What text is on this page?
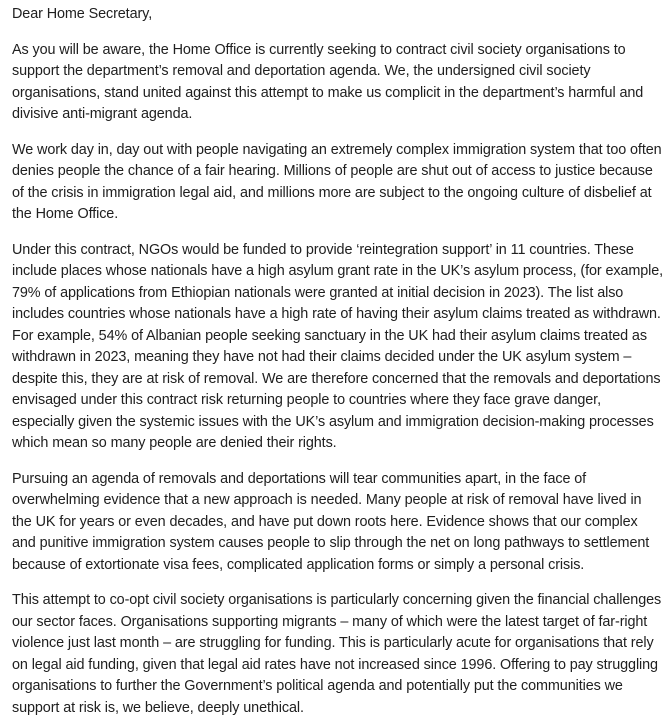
Dear Home Secretary,

As you will be aware, the Home Office is currently seeking to contract civil society organisations to support the department’s removal and deportation agenda. We, the undersigned civil society organisations, stand united against this attempt to make us complicit in the department’s harmful and divisive anti-migrant agenda.

We work day in, day out with people navigating an extremely complex immigration system that too often denies people the chance of a fair hearing. Millions of people are shut out of access to justice because of the crisis in immigration legal aid, and millions more are subject to the ongoing culture of disbelief at the Home Office.

Under this contract, NGOs would be funded to provide ‘reintegration support’ in 11 countries. These include places whose nationals have a high asylum grant rate in the UK’s asylum process, (for example, 79% of applications from Ethiopian nationals were granted at initial decision in 2023). The list also includes countries whose nationals have a high rate of having their asylum claims treated as withdrawn. For example, 54% of Albanian people seeking sanctuary in the UK had their asylum claims treated as withdrawn in 2023, meaning they have not had their claims decided under the UK asylum system – despite this, they are at risk of removal. We are therefore concerned that the removals and deportations envisaged under this contract risk returning people to countries where they face grave danger, especially given the systemic issues with the UK’s asylum and immigration decision-making processes which mean so many people are denied their rights.

Pursuing an agenda of removals and deportations will tear communities apart, in the face of overwhelming evidence that a new approach is needed. Many people at risk of removal have lived in the UK for years or even decades, and have put down roots here. Evidence shows that our complex and punitive immigration system causes people to slip through the net on long pathways to settlement because of extortionate visa fees, complicated application forms or simply a personal crisis.

This attempt to co-opt civil society organisations is particularly concerning given the financial challenges our sector faces. Organisations supporting migrants – many of which were the latest target of far-right violence just last month – are struggling for funding. This is particularly acute for organisations that rely on legal aid funding, given that legal aid rates have not increased since 1996. Offering to pay struggling organisations to further the Government’s political agenda and potentially put the communities we support at risk is, we believe, deeply unethical.
